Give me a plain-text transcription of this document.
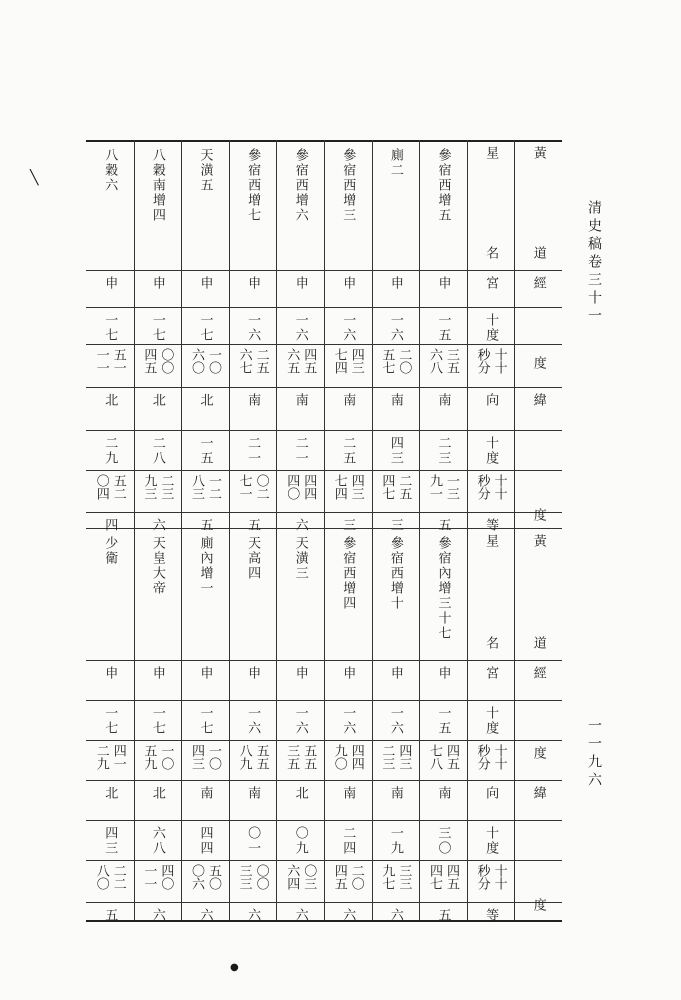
黃
道
經
度
緯
度
黃
道
經
度
緯
度
星
名
宮
十度
十十
秒分
向
十度
十十
秒分
等
星
名
宮
十度
十十
秒分
向
十度
十十
秒分
等
參宿西增五
申
一五
三五
六八
南
二三
一三
九一
五
廁二
申
一六
二〇
五七
南
四三
二五
四七
三
參宿西增三
申
一六
四三
七四
南
二五
四三
七四
三
參宿西增六
申
一六
四五
六五
南
二一
四四
四〇
六
參宿西增七
申
一六
二五
六七
南
二一
〇二
七一
五
天潢五
申
一七
一〇
六〇
北
一五
一二
八三
五
八穀南增四
申
一七
〇〇
四五
北
二八
二三
九三
六
八穀六
申
一七
五一
一一
北
二九
五二
〇四
四
參宿內增三十七
申
一五
四五
七八
南
三〇
四五
四七
五
參宿西增十
申
一六
四三
二三
南
一九
三三
九七
六
參宿西增四
申
一六
四四
九〇
南
二四
二〇
四五
六
天潢三
申
一六
五五
三五
北
〇九
〇三
六四
六
天高四
申
一六
五五
八九
南
〇一
〇〇
三三
六
廁內增一
申
一七
一〇
四三
南
四四
五〇
〇六
六
天皇大帝
申
一七
一〇
五九
北
六八
四〇
一一
六
少衛
申
一七
四一
二九
北
四三
二二
八〇
五
清史稿卷三十一
一一九六
╲
●
